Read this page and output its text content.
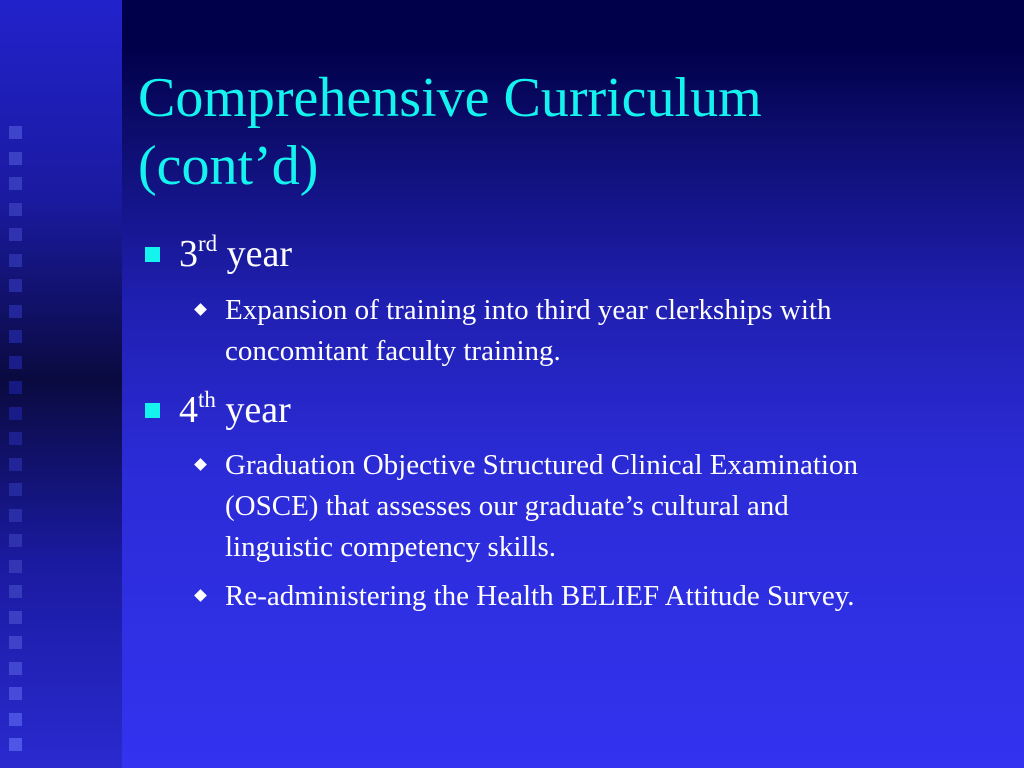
Comprehensive Curriculum
(cont’d)
3rd year
Expansion of training into third year clerkships with
concomitant faculty training.
4th year
Graduation Objective Structured Clinical Examination
(OSCE) that assesses our graduate’s cultural and
linguistic competency skills.
Re-administering the Health BELIEF Attitude Survey.
